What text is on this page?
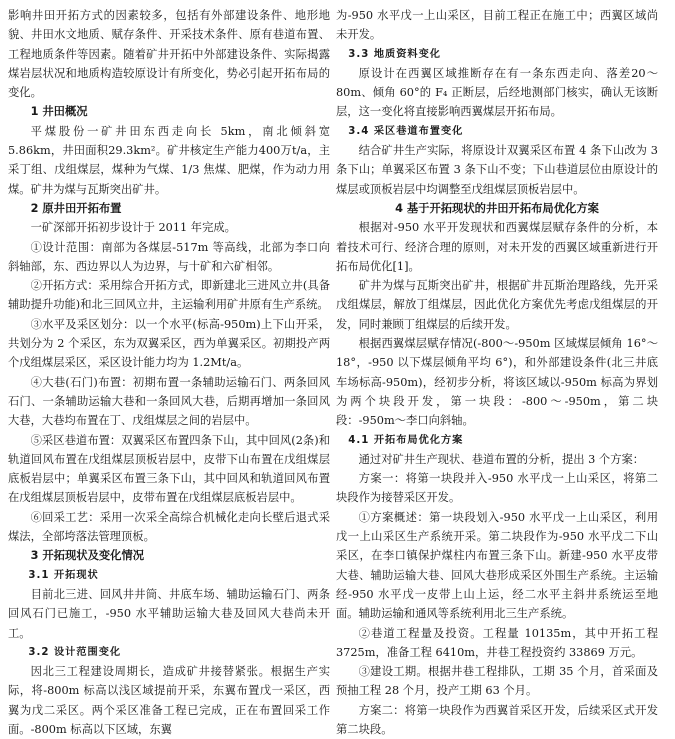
影响井田开拓方式的因素较多，包括有外部建设条件、地形地貌、井田水文地质、赋存条件、开采技术条件、原有巷道布置、工程地质条件等因素。随着矿井开拓中外部建设条件、实际揭露煤岩层状况和地质构造较原设计有所变化，势必引起开拓布局的变化。
1 井田概况
平煤股份一矿井田东西走向长 5km，南北倾斜宽 5.86km，井田面积29.3km²。矿井核定生产能力400万t/a，主采丁组、戊组煤层，煤种为气煤、1/3 焦煤、肥煤，作为动力用煤。矿井为煤与瓦斯突出矿井。
2 原井田开拓布置
一矿深部开拓初步设计于 2011 年完成。
①设计范围：南部为各煤层-517m 等高线，北部为李口向斜轴部，东、西边界以人为边界，与十矿和六矿相邻。
②开拓方式：采用综合开拓方式，即新建北三进风立井(具备辅助提升功能)和北三回风立井，主运输利用矿井原有生产系统。
③水平及采区划分：以一个水平(标高-950m)上下山开采，共划分为 2 个采区，东为双翼采区，西为单翼采区。初期投产两个戊组煤层采区，采区设计能力均为 1.2Mt/a。
④大巷(石门)布置：初期布置一条辅助运输石门、两条回风石门、一条辅助运输大巷和一条回风大巷，后期再增加一条回风大巷，大巷均布置在丁、戊组煤层之间的岩层中。
⑤采区巷道布置：双翼采区布置四条下山，其中回风(2条)和轨道回风布置在戊组煤层顶板岩层中，皮带下山布置在戊组煤层底板岩层中；单翼采区布置三条下山，其中回风和轨道回风布置在戊组煤层顶板岩层中，皮带布置在戊组煤层底板岩层中。
⑥回采工艺：采用一次采全高综合机械化走向长壁后退式采煤法，全部垮落法管理顶板。
3 开拓现状及变化情况
3.1 开拓现状
目前北三进、回风井井筒、井底车场、辅助运输石门、两条回风石门已施工，-950 水平辅助运输大巷及回风大巷尚未开工。
3.2 设计范围变化
因北三工程建设周期长，造成矿井接替紧张。根据生产实际，将-800m 标高以浅区域提前开采，东翼布置戊一采区，西翼为戊二采区。两个采区准备工程已完成，正在布置回采工作面。-800m 标高以下区域，东翼
为-950 水平戊一上山采区，目前工程正在施工中；西翼区域尚未开发。
3.3 地质资料变化
原设计在西翼区域推断存在有一条东西走向、落差20～80m、倾角 60°的 F₄ 正断层，后经地测部门核实，确认无该断层，这一变化将直接影响西翼煤层开拓布局。
3.4 采区巷道布置变化
结合矿井生产实际，将原设计双翼采区布置 4 条下山改为 3 条下山；单翼采区布置 3 条下山不变；下山巷道层位由原设计的煤层或顶板岩层中均调整至戊组煤层顶板岩层中。
4 基于开拓现状的井田开拓布局优化方案
根据对-950 水平开发现状和西翼煤层赋存条件的分析，本着技术可行、经济合理的原则，对未开发的西翼区域重新进行开拓布局优化[1]。
矿井为煤与瓦斯突出矿井，根据矿井瓦斯治理路线，先开采戊组煤层，解放丁组煤层，因此优化方案优先考虑戊组煤层的开发，同时兼顾丁组煤层的后续开发。
根据西翼煤层赋存情况(-800～-950m 区域煤层倾角 16°～18°，-950 以下煤层倾角平均 6°)，和外部建设条件(北三井底车场标高-950m)，经初步分析，将该区域以-950m 标高为界划为两个块段开发，第一块段：-800～-950m，第二块段：-950m～李口向斜轴。
4.1 开拓布局优化方案
通过对矿井生产现状、巷道布置的分析，提出 3 个方案：
方案一：将第一块段并入-950 水平戊一上山采区，将第二块段作为接替采区开发。
①方案概述：第一块段划入-950 水平戊一上山采区，利用戊一上山采区生产系统开采。第二块段作为-950 水平戊二下山采区，在李口镇保护煤柱内布置三条下山。新建-950 水平皮带大巷、辅助运输大巷、回风大巷形成采区外围生产系统。主运输经-950 水平戊一皮带上山上运，经二水平主斜井系统运至地面。辅助运输和通风等系统利用北三生产系统。
②巷道工程量及投资。工程量 10135m，其中开拓工程 3725m，准备工程 6410m，井巷工程投资约 33869 万元。
③建设工期。根据井巷工程排队，工期 35 个月，首采面及预抽工程 28 个月，投产工期 63 个月。
方案二：将第一块段作为西翼首采区开发，后续采区式开发第二块段。
